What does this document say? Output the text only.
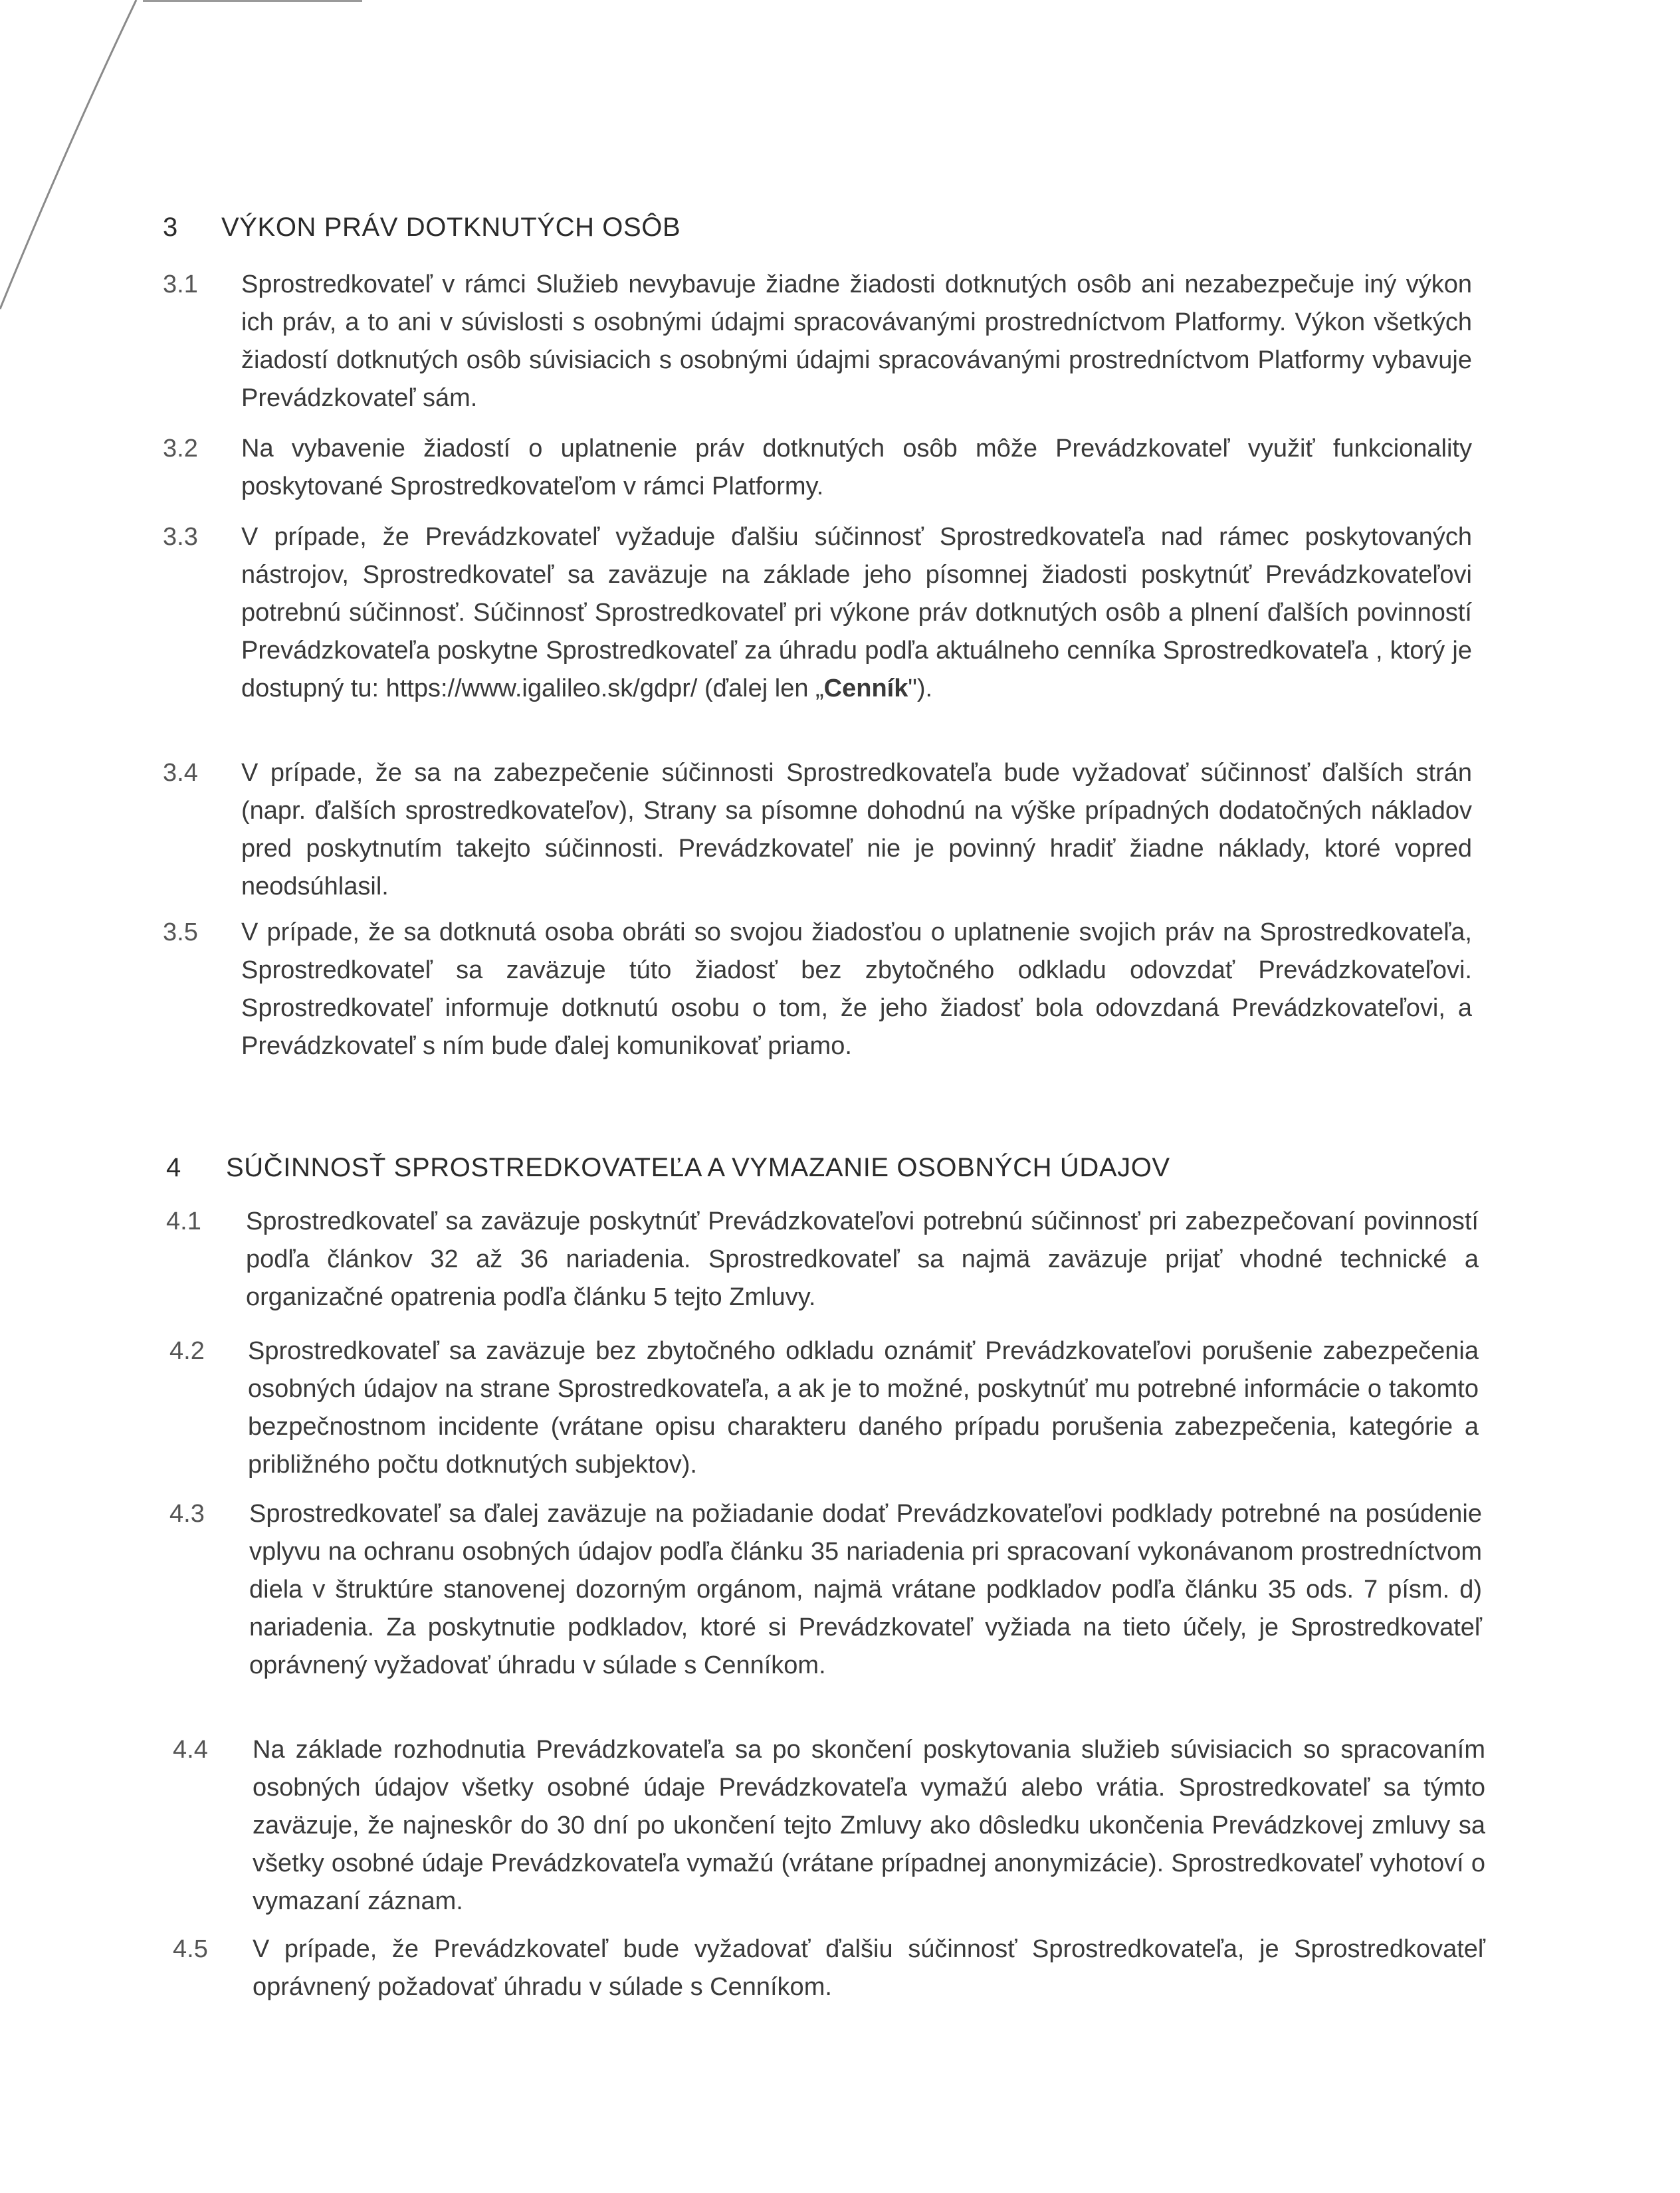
3 VÝKON PRÁV DOTKNUTÝCH OSÔB
3.1 Sprostredkovateľ v rámci Služieb nevybavuje žiadne žiadosti dotknutých osôb ani nezabezpečuje iný výkon ich práv, a to ani v súvislosti s osobnými údajmi spracovávanými prostredníctvom Platformy. Výkon všetkých žiadostí dotknutých osôb súvisiacich s osobnými údajmi spracovávanými prostredníctvom Platformy vybavuje Prevádzkovateľ sám.
3.2 Na vybavenie žiadostí o uplatnenie práv dotknutých osôb môže Prevádzkovateľ využiť funkcionality poskytované Sprostredkovateľom v rámci Platformy.
3.3 V prípade, že Prevádzkovateľ vyžaduje ďalšiu súčinnosť Sprostredkovateľa nad rámec poskytovaných nástrojov, Sprostredkovateľ sa zaväzuje na základe jeho písomnej žiadosti poskytnúť Prevádzkovateľovi potrebnú súčinnosť. Súčinnosť Sprostredkovateľ pri výkone práv dotknutých osôb a plnení ďalších povinností Prevádzkovateľa poskytne Sprostredkovateľ za úhradu podľa aktuálneho cenníka Sprostredkovateľa , ktorý je dostupný tu: https://www.igalileo.sk/gdpr/ (ďalej len „Cenník").
3.4 V prípade, že sa na zabezpečenie súčinnosti Sprostredkovateľa bude vyžadovať súčinnosť ďalších strán (napr. ďalších sprostredkovateľov), Strany sa písomne dohodnú na výške prípadných dodatočných nákladov pred poskytnutím takejto súčinnosti. Prevádzkovateľ nie je povinný hradiť žiadne náklady, ktoré vopred neodsúhlasil.
3.5 V prípade, že sa dotknutá osoba obráti so svojou žiadosťou o uplatnenie svojich práv na Sprostredkovateľa, Sprostredkovateľ sa zaväzuje túto žiadosť bez zbytočného odkladu odovzdať Prevádzkovateľovi. Sprostredkovateľ informuje dotknutú osobu o tom, že jeho žiadosť bola odovzdaná Prevádzkovateľovi, a Prevádzkovateľ s ním bude ďalej komunikovať priamo.
4 SÚČINNOSŤ SPROSTREDKOVATEĽA A VYMAZANIE OSOBNÝCH ÚDAJOV
4.1 Sprostredkovateľ sa zaväzuje poskytnúť Prevádzkovateľovi potrebnú súčinnosť pri zabezpečovaní povinností podľa článkov 32 až 36 nariadenia. Sprostredkovateľ sa najmä zaväzuje prijať vhodné technické a organizačné opatrenia podľa článku 5 tejto Zmluvy.
4.2 Sprostredkovateľ sa zaväzuje bez zbytočného odkladu oznámiť Prevádzkovateľovi porušenie zabezpečenia osobných údajov na strane Sprostredkovateľa, a ak je to možné, poskytnúť mu potrebné informácie o takomto bezpečnostnom incidente (vrátane opisu charakteru daného prípadu porušenia zabezpečenia, kategórie a približného počtu dotknutých subjektov).
4.3 Sprostredkovateľ sa ďalej zaväzuje na požiadanie dodať Prevádzkovateľovi podklady potrebné na posúdenie vplyvu na ochranu osobných údajov podľa článku 35 nariadenia pri spracovaní vykonávanom prostredníctvom diela v štruktúre stanovenej dozorným orgánom, najmä vrátane podkladov podľa článku 35 ods. 7 písm. d) nariadenia. Za poskytnutie podkladov, ktoré si Prevádzkovateľ vyžiada na tieto účely, je Sprostredkovateľ oprávnený vyžadovať úhradu v súlade s Cenníkom.
4.4 Na základe rozhodnutia Prevádzkovateľa sa po skončení poskytovania služieb súvisiacich so spracovaním osobných údajov všetky osobné údaje Prevádzkovateľa vymažú alebo vrátia. Sprostredkovateľ sa týmto zaväzuje, že najneskôr do 30 dní po ukončení tejto Zmluvy ako dôsledku ukončenia Prevádzkovej zmluvy sa všetky osobné údaje Prevádzkovateľa vymažú (vrátane prípadnej anonymizácie). Sprostredkovateľ vyhotoví o vymazaní záznam.
4.5 V prípade, že Prevádzkovateľ bude vyžadovať ďalšiu súčinnosť Sprostredkovateľa, je Sprostredkovateľ oprávnený požadovať úhradu v súlade s Cenníkom.
